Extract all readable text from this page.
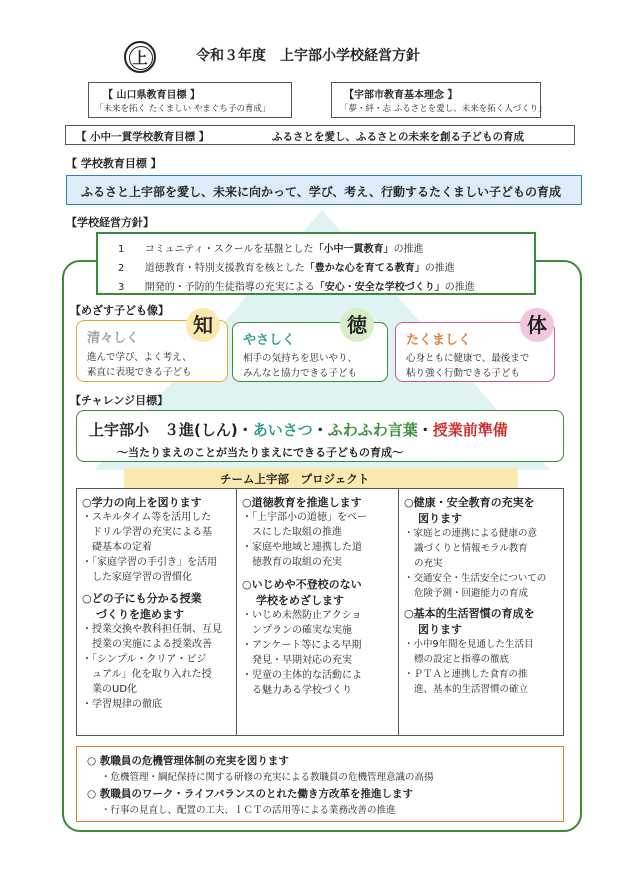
上	令和３年度　上宇部小学校経営方針
【 山口県教育目標 】
「未来を拓く たくましい やまぐち子の育成」
【宇部市教育基本理念 】
「夢・絆・志 ふるさとを愛し、未来を拓く人づくり」
【 小中一貫学校教育目標 】	ふるさとを愛し、ふるさとの未来を創る子どもの育成
【 学校教育目標 】
ふるさと上宇部を愛し、未来に向かって、学び、考え、行動するたくましい子どもの育成
【学校経営方針】
1 コミュニティ・スクールを基盤とした「小中一貫教育」の推進
2 道徳教育・特別支援教育を核とした「豊かな心を育てる教育」の推進
3 開発的・予防的生徒指導の充実による「安心・安全な学校づくり」の推進
【めざす子ども像】
清々しく
進んで学び、よく考え、
素直に表現できる子ども
知
やさしく
相手の気持ちを思いやり、
みんなと協力できる子ども
徳
たくましく
心身ともに健康で、最後まで
粘り強く行動できる子ども
体
【チャレンジ目標】
上宇部小　３進(しん)・あいさつ・ふわふわ言葉・授業前準備
～当たりまえのことが当たりまえにできる子どもの育成～
チーム上宇部　プロジェクト
○学力の向上を図ります
・スキルタイム等を活用した
ドリル学習の充実による基
礎基本の定着
・「家庭学習の手引き」を活用
した家庭学習の習慣化
○どの子にも分かる授業
づくりを進めます
・授業交換や教科担任制、互見
授業の実施による授業改善
・「シンプル・クリア・ビジ
ュアル」化を取り入れた授
業のUD化
・学習規律の徹底
○道徳教育を推進します
・「上宇部小の道徳」をベー
スにした取組の推進
・家庭や地域と連携した道
徳教育の取組の充実
○いじめや不登校のない
学校をめざします
・いじめ未然防止アクショ
ンプランの確実な実施
・アンケート等による早期
発見・早期対応の充実
・児童の主体的な活動によ
る魅力ある学校づくり
○健康・安全教育の充実を
図ります
・家庭との連携による健康の意
識づくりと情報モラル教育
の充実
・交通安全・生活安全についての
危険予測・回避能力の育成
○基本的生活習慣の育成を
図ります
・小中9年間を見通した生活目
標の設定と指導の徹底
・ＰＴＡと連携した食育の推
進、基本的生活習慣の確立
○ 教職員の危機管理体制の充実を図ります
・危機管理・綱紀保持に関する研修の充実による教職員の危機管理意識の高揚
○ 教職員のワーク・ライフバランスのとれた働き方改革を推進します
・行事の見直し、配置の工夫、ＩＣＴの活用等による業務改善の推進
